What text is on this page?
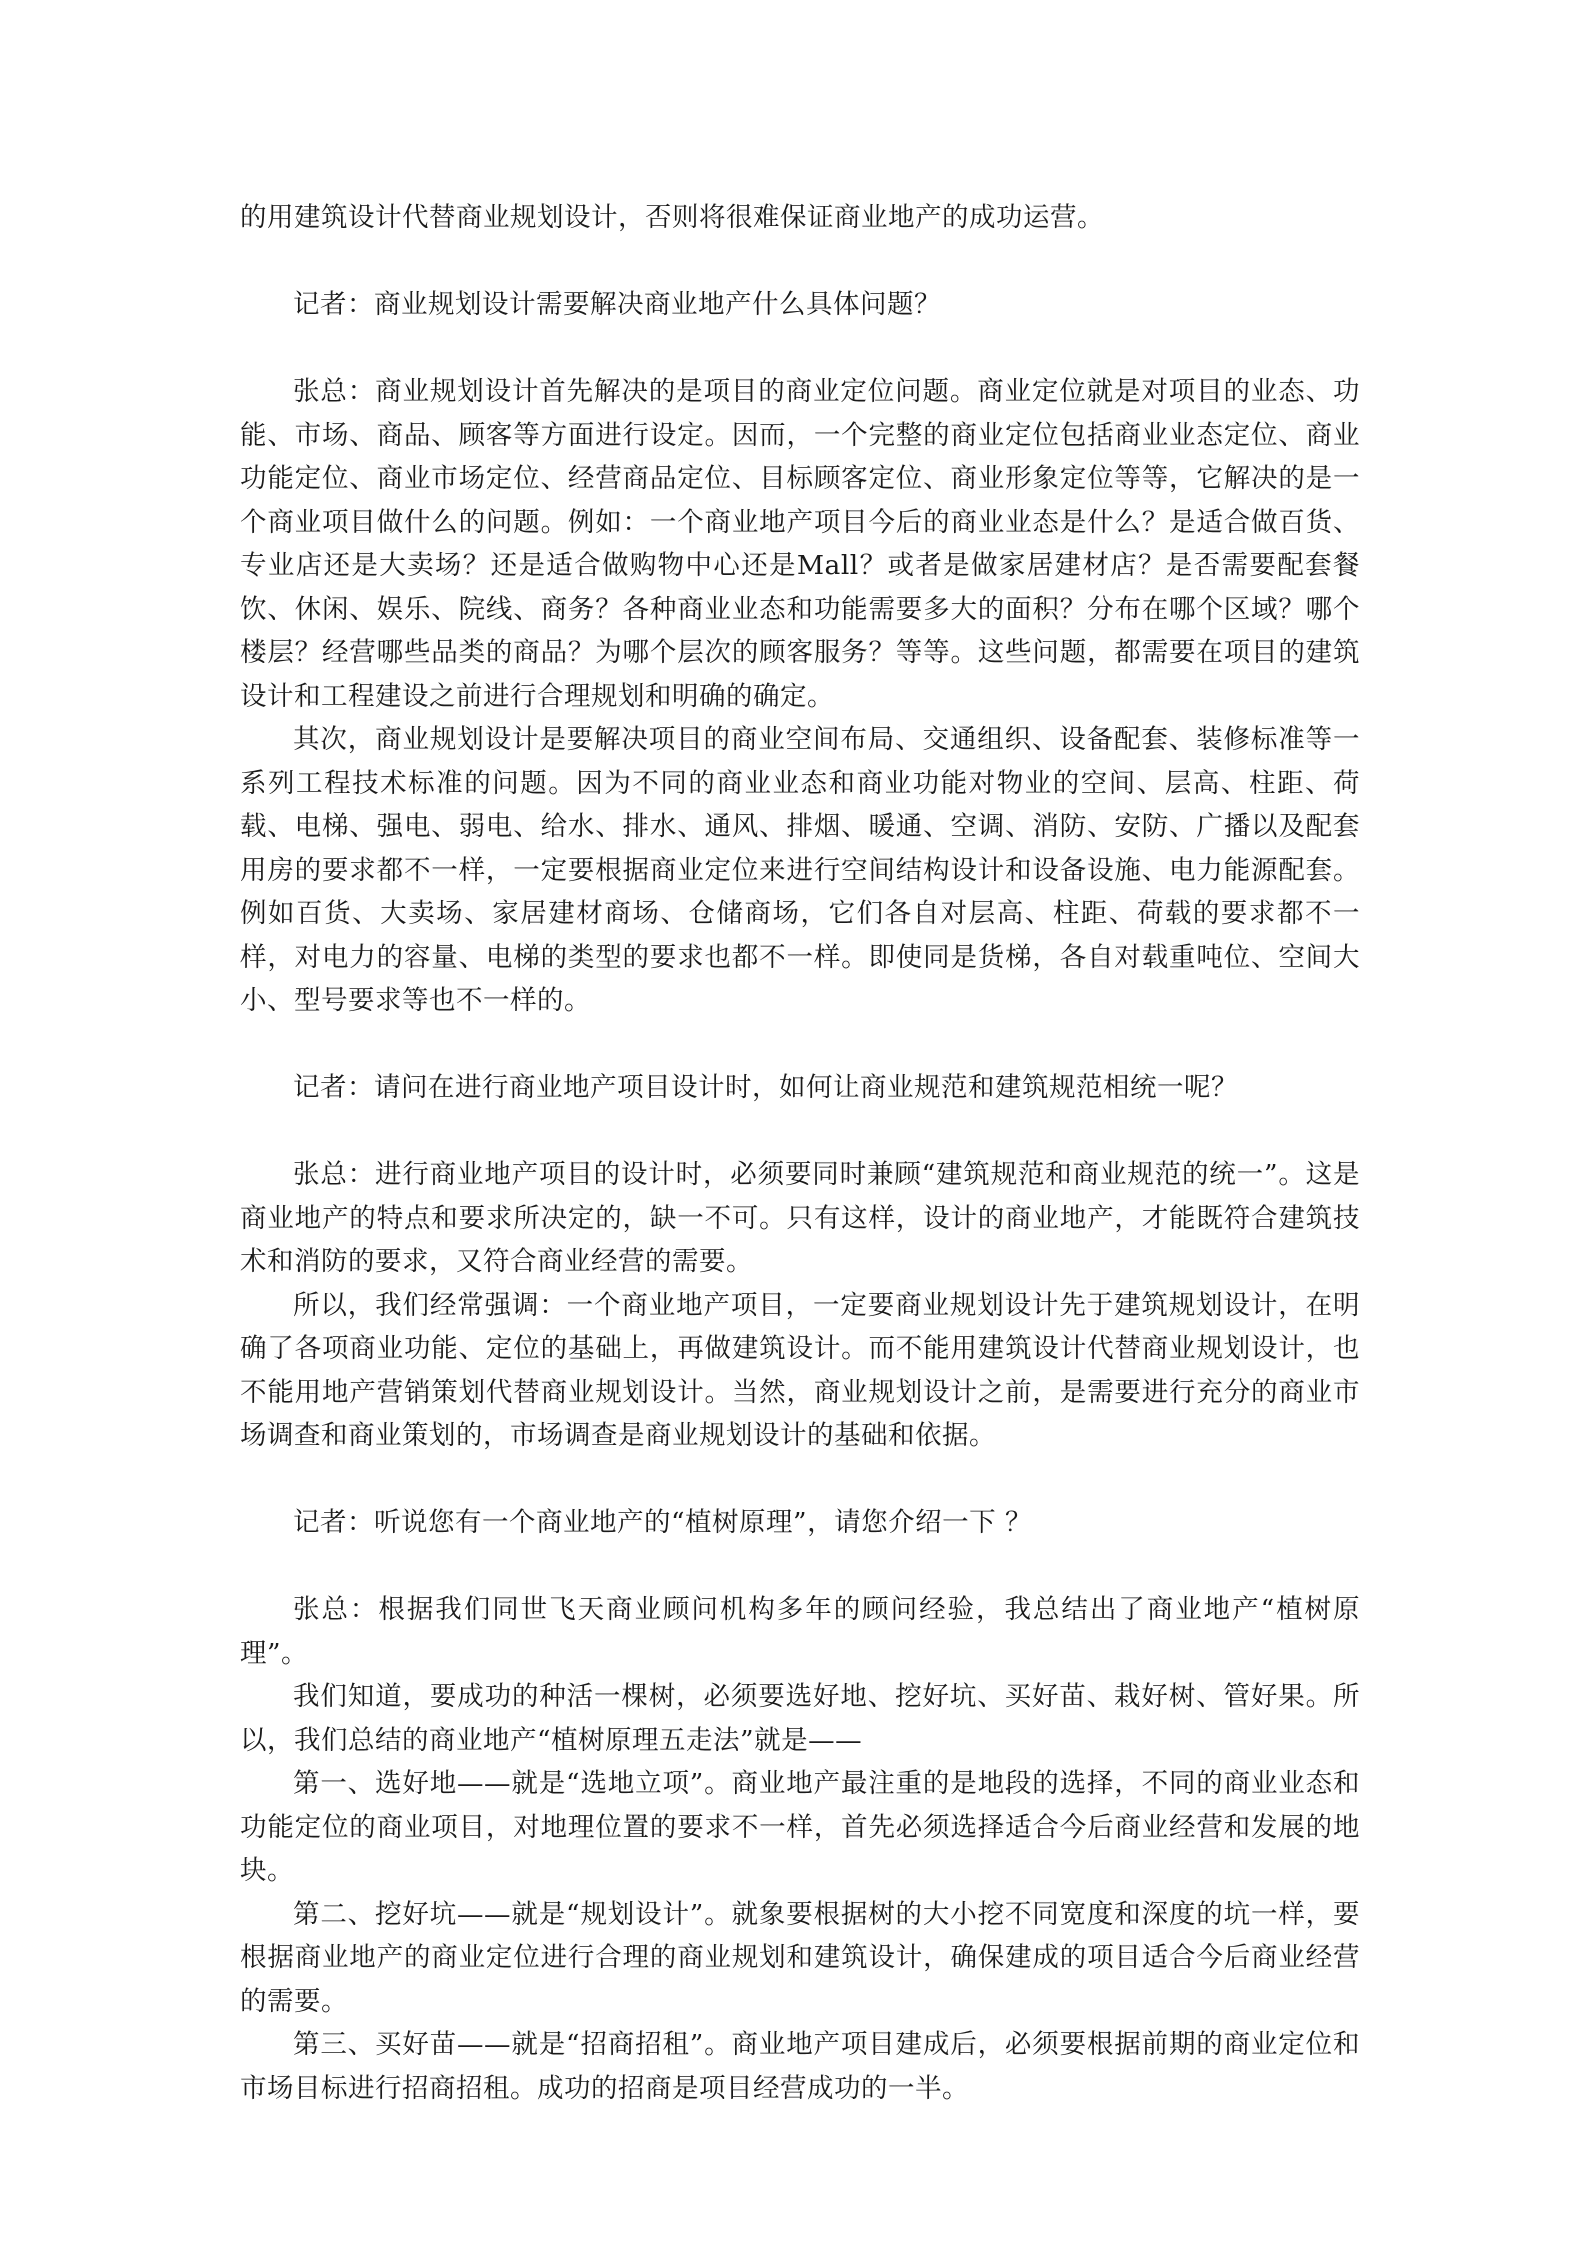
的用建筑设计代替商业规划设计，否则将很难保证商业地产的成功运营。

记者：商业规划设计需要解决商业地产什么具体问题？

张总：商业规划设计首先解决的是项目的商业定位问题。商业定位就是对项目的业态、功能、市场、商品、顾客等方面进行设定。因而，一个完整的商业定位包括商业业态定位、商业功能定位、商业市场定位、经营商品定位、目标顾客定位、商业形象定位等等，它解决的是一个商业项目做什么的问题。例如：一个商业地产项目今后的商业业态是什么？是适合做百货、专业店还是大卖场？还是适合做购物中心还是Mall？或者是做家居建材店？是否需要配套餐饮、休闲、娱乐、院线、商务？各种商业业态和功能需要多大的面积？分布在哪个区域？哪个楼层？经营哪些品类的商品？为哪个层次的顾客服务？等等。这些问题，都需要在项目的建筑设计和工程建设之前进行合理规划和明确的确定。

其次，商业规划设计是要解决项目的商业空间布局、交通组织、设备配套、装修标准等一系列工程技术标准的问题。因为不同的商业业态和商业功能对物业的空间、层高、柱距、荷载、电梯、强电、弱电、给水、排水、通风、排烟、暖通、空调、消防、安防、广播以及配套用房的要求都不一样，一定要根据商业定位来进行空间结构设计和设备设施、电力能源配套。例如百货、大卖场、家居建材商场、仓储商场，它们各自对层高、柱距、荷载的要求都不一样，对电力的容量、电梯的类型的要求也都不一样。即使同是货梯，各自对载重吨位、空间大小、型号要求等也不一样的。

记者：请问在进行商业地产项目设计时，如何让商业规范和建筑规范相统一呢？

张总：进行商业地产项目的设计时，必须要同时兼顾“建筑规范和商业规范的统一”。这是商业地产的特点和要求所决定的，缺一不可。只有这样，设计的商业地产，才能既符合建筑技术和消防的要求，又符合商业经营的需要。

所以，我们经常强调：一个商业地产项目，一定要商业规划设计先于建筑规划设计，在明确了各项商业功能、定位的基础上，再做建筑设计。而不能用建筑设计代替商业规划设计，也不能用地产营销策划代替商业规划设计。当然，商业规划设计之前，是需要进行充分的商业市场调查和商业策划的，市场调查是商业规划设计的基础和依据。

记者：听说您有一个商业地产的“植树原理”，请您介绍一下 ？

张总：根据我们同世飞天商业顾问机构多年的顾问经验，我总结出了商业地产“植树原理”。

我们知道，要成功的种活一棵树，必须要选好地、挖好坑、买好苗、栽好树、管好果。所以，我们总结的商业地产“植树原理五走法”就是——

第一、选好地——就是“选地立项”。商业地产最注重的是地段的选择，不同的商业业态和功能定位的商业项目，对地理位置的要求不一样，首先必须选择适合今后商业经营和发展的地块。

第二、挖好坑——就是“规划设计”。就象要根据树的大小挖不同宽度和深度的坑一样，要根据商业地产的商业定位进行合理的商业规划和建筑设计，确保建成的项目适合今后商业经营的需要。

第三、买好苗——就是“招商招租”。商业地产项目建成后，必须要根据前期的商业定位和市场目标进行招商招租。成功的招商是项目经营成功的一半。
